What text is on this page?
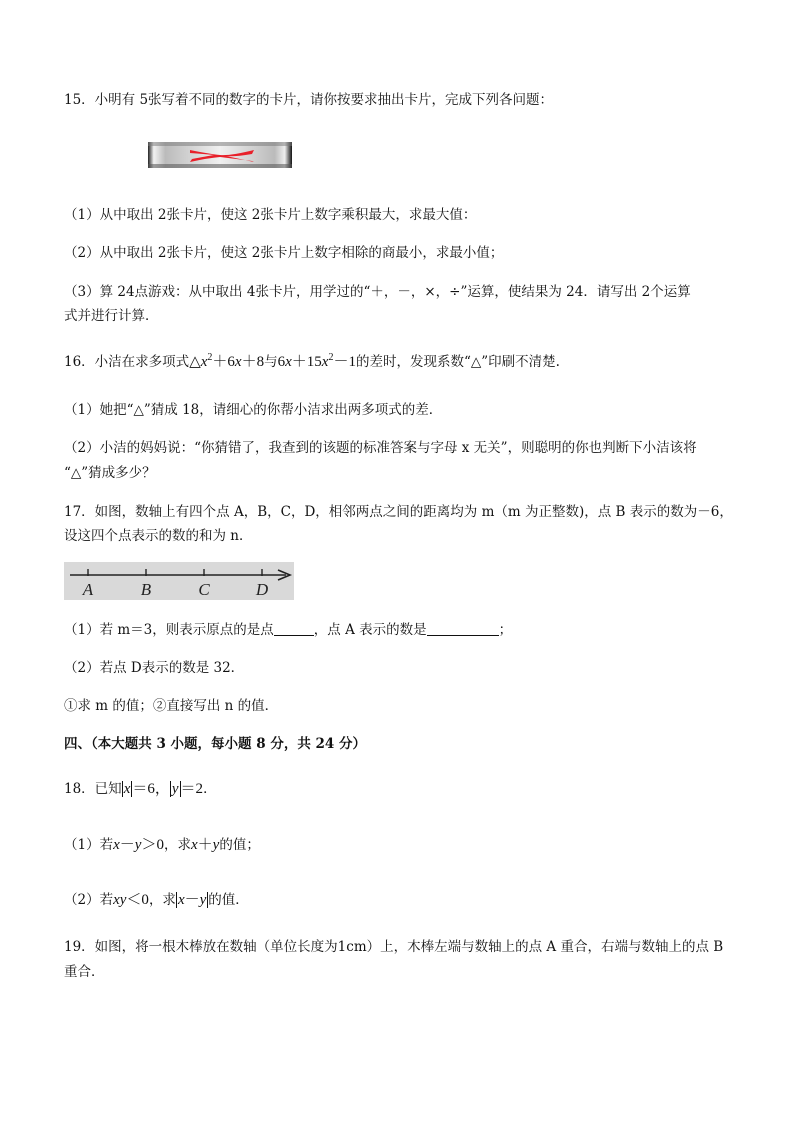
15．小明有 5张写着不同的数字的卡片，请你按要求抽出卡片，完成下列各问题：
（1）从中取出 2张卡片，使这 2张卡片上数字乘积最大，求最大值：
（2）从中取出 2张卡片，使这 2张卡片上数字相除的商最小，求最小值；
（3）算 24点游戏：从中取出 4张卡片，用学过的“＋，－，×，÷”运算，使结果为 24．请写出 2个运算
式并进行计算．
16．小洁在求多项式$\triangle x^2+6x+8$与$6x+15x^2-1$的差时，发现系数“△”印刷不清楚.
（1）她把“△”猜成 18，请细心的你帮小洁求出两多项式的差．
（2）小洁的妈妈说：“你猜错了，我查到的该题的标准答案与字母 x 无关”，则聪明的你也判断下小洁该将
“△”猜成多少？
17．如图，数轴上有四个点 A，B，C，D，相邻两点之间的距离均为 m（m 为正整数)，点 B 表示的数为－6，
设这四个点表示的数的和为 n．
A	B	C	D
（1）若 m＝3，则表示原点的是点	，点 A 表示的数是	；
（2）若点 D表示的数是 32．
①求 m 的值；②直接写出 n 的值．
四、（本大题共 3 小题，每小题 8 分，共 24 分）
18．已知 x ＝6， y ＝2．
（1）若x－y＞0，求x＋y的值；
（2）若xy＜0，求 x－y 的值．
19．如图，将一根木棒放在数轴（单位长度为1cm）上，木棒左端与数轴上的点 A 重合，右端与数轴上的点 B
重合．
